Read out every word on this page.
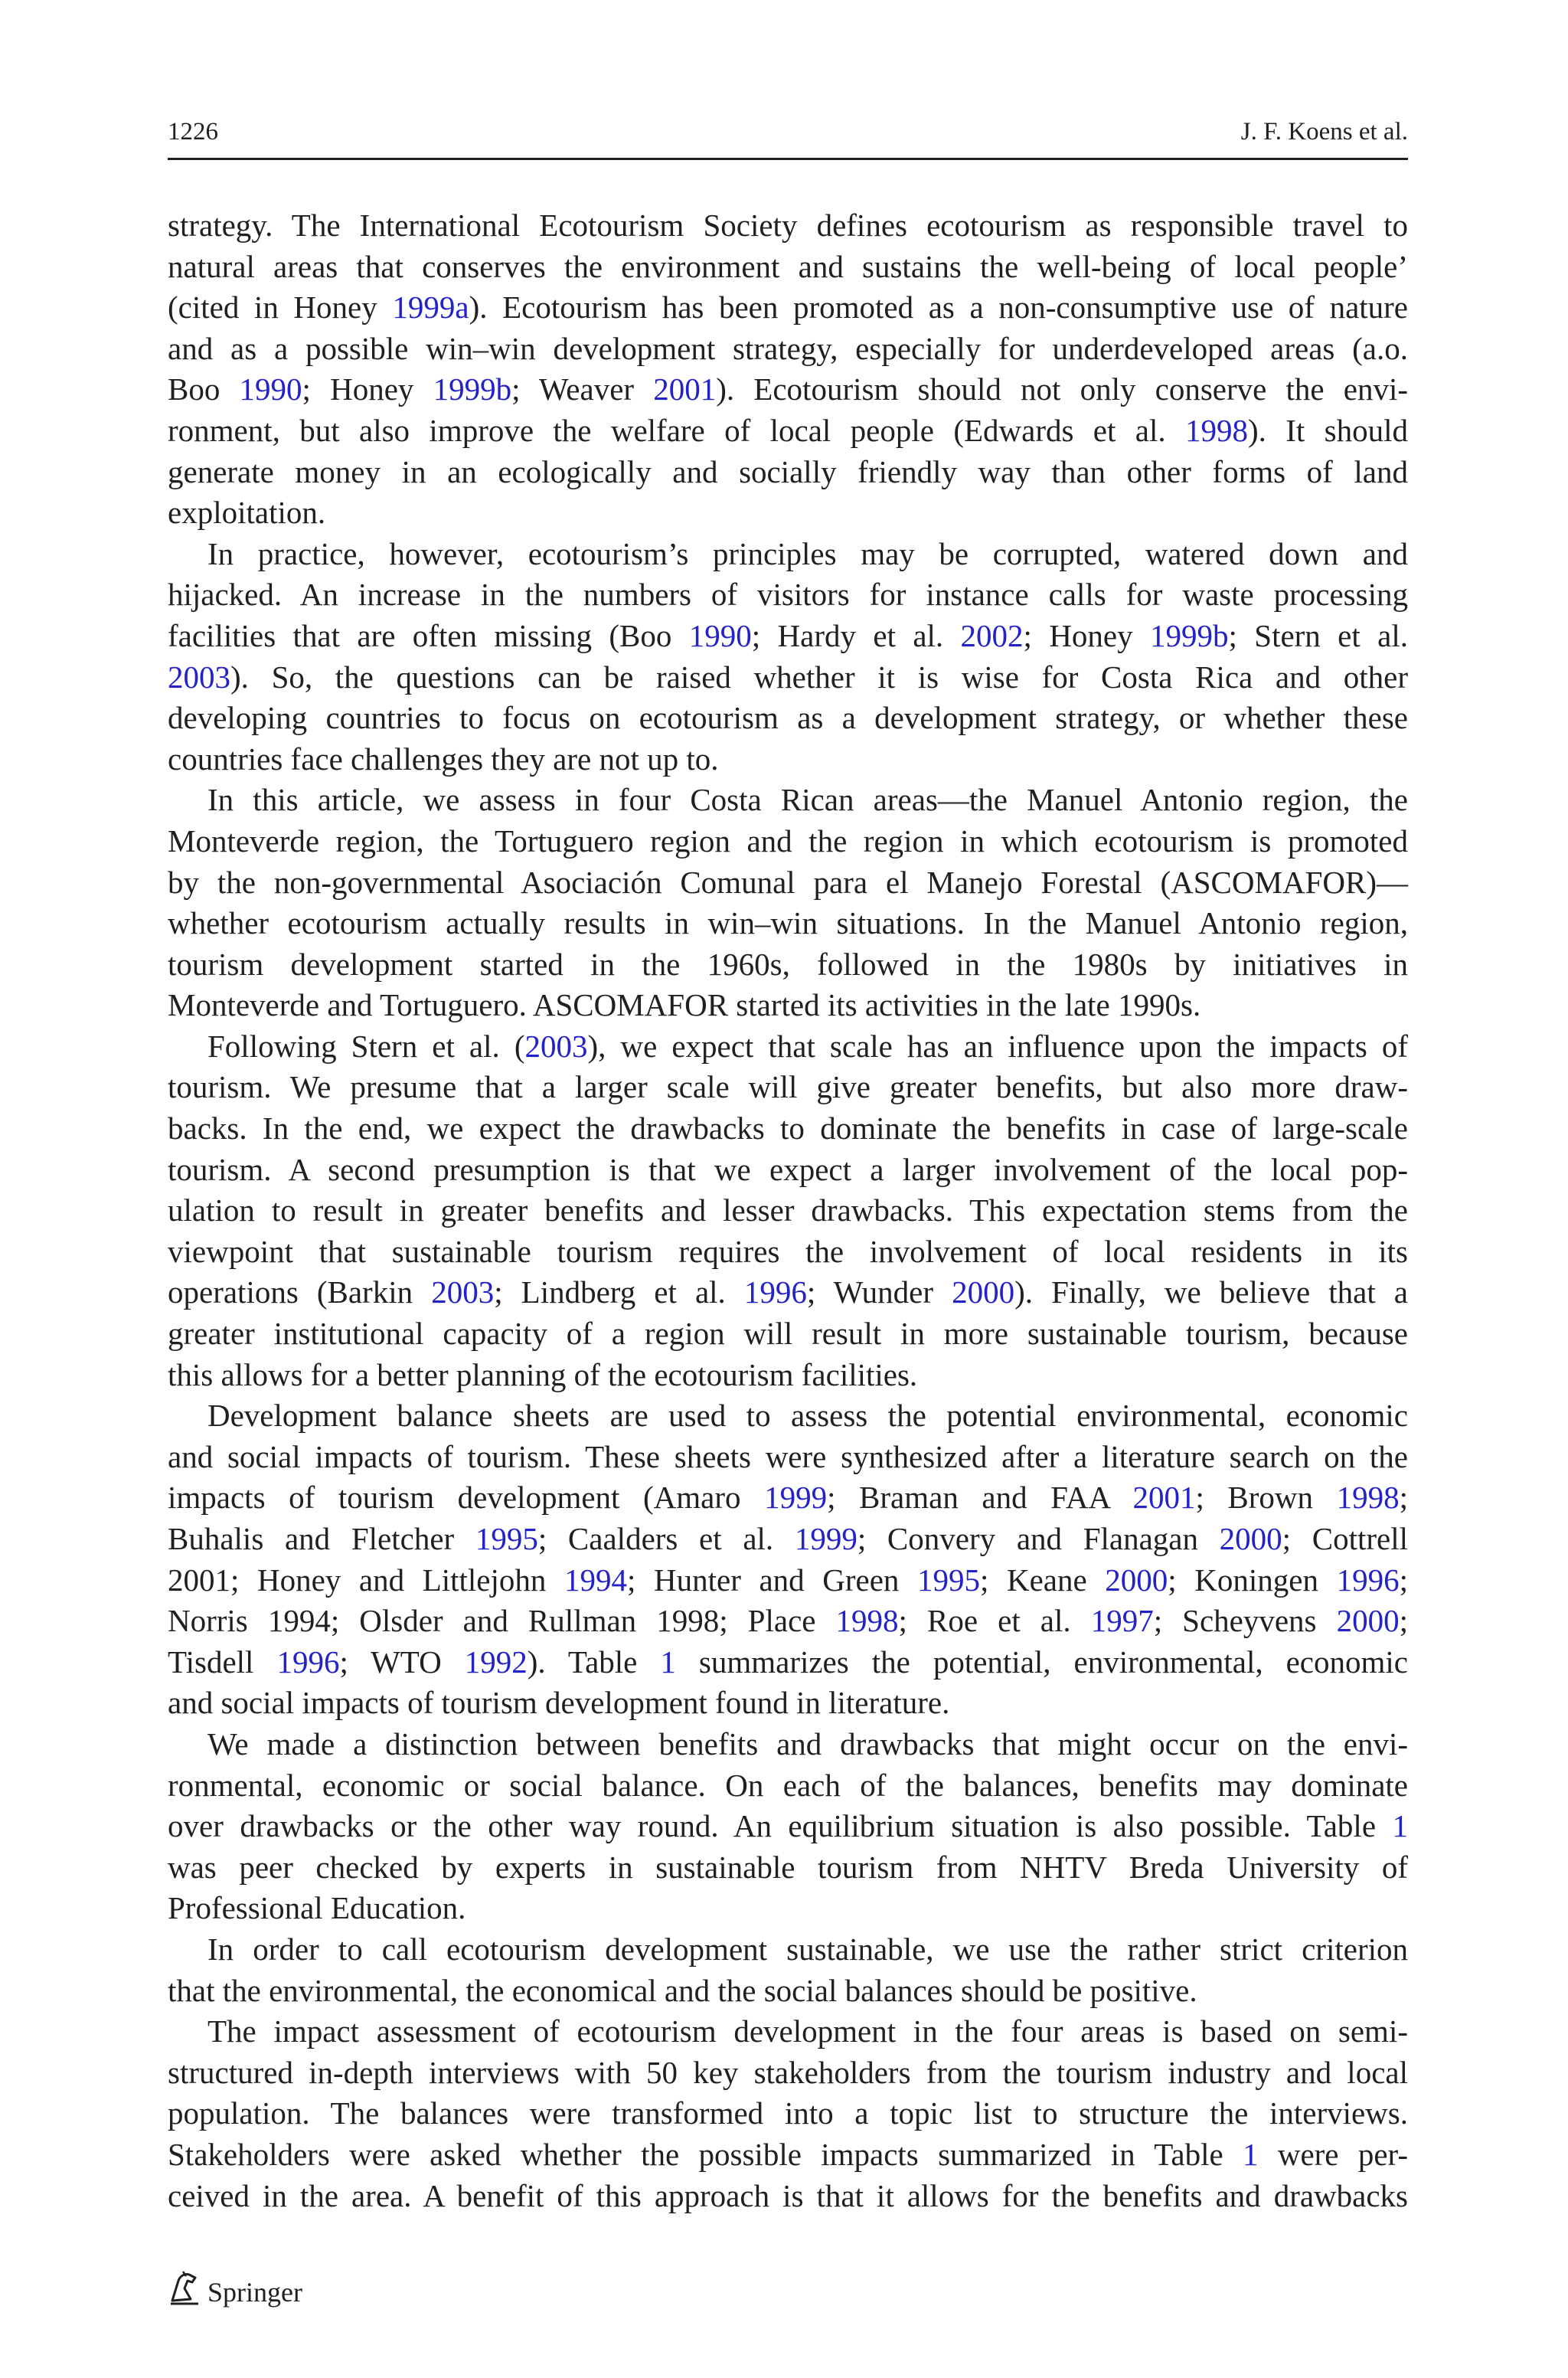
1226	J. F. Koens et al.
strategy. The International Ecotourism Society defines ecotourism as responsible travel to
natural areas that conserves the environment and sustains the well-being of local people’
(cited in Honey 1999a). Ecotourism has been promoted as a non-consumptive use of nature
and as a possible win–win development strategy, especially for underdeveloped areas (a.o.
Boo 1990; Honey 1999b; Weaver 2001). Ecotourism should not only conserve the envi-
ronment, but also improve the welfare of local people (Edwards et al. 1998). It should
generate money in an ecologically and socially friendly way than other forms of land
exploitation.
In practice, however, ecotourism’s principles may be corrupted, watered down and
hijacked. An increase in the numbers of visitors for instance calls for waste processing
facilities that are often missing (Boo 1990; Hardy et al. 2002; Honey 1999b; Stern et al.
2003). So, the questions can be raised whether it is wise for Costa Rica and other
developing countries to focus on ecotourism as a development strategy, or whether these
countries face challenges they are not up to.
In this article, we assess in four Costa Rican areas—the Manuel Antonio region, the
Monteverde region, the Tortuguero region and the region in which ecotourism is promoted
by the non-governmental Asociación Comunal para el Manejo Forestal (ASCOMAFOR)—
whether ecotourism actually results in win–win situations. In the Manuel Antonio region,
tourism development started in the 1960s, followed in the 1980s by initiatives in
Monteverde and Tortuguero. ASCOMAFOR started its activities in the late 1990s.
Following Stern et al. (2003), we expect that scale has an influence upon the impacts of
tourism. We presume that a larger scale will give greater benefits, but also more draw-
backs. In the end, we expect the drawbacks to dominate the benefits in case of large-scale
tourism. A second presumption is that we expect a larger involvement of the local pop-
ulation to result in greater benefits and lesser drawbacks. This expectation stems from the
viewpoint that sustainable tourism requires the involvement of local residents in its
operations (Barkin 2003; Lindberg et al. 1996; Wunder 2000). Finally, we believe that a
greater institutional capacity of a region will result in more sustainable tourism, because
this allows for a better planning of the ecotourism facilities.
Development balance sheets are used to assess the potential environmental, economic
and social impacts of tourism. These sheets were synthesized after a literature search on the
impacts of tourism development (Amaro 1999; Braman and FAA 2001; Brown 1998;
Buhalis and Fletcher 1995; Caalders et al. 1999; Convery and Flanagan 2000; Cottrell
2001; Honey and Littlejohn 1994; Hunter and Green 1995; Keane 2000; Koningen 1996;
Norris 1994; Olsder and Rullman 1998; Place 1998; Roe et al. 1997; Scheyvens 2000;
Tisdell 1996; WTO 1992). Table 1 summarizes the potential, environmental, economic
and social impacts of tourism development found in literature.
We made a distinction between benefits and drawbacks that might occur on the envi-
ronmental, economic or social balance. On each of the balances, benefits may dominate
over drawbacks or the other way round. An equilibrium situation is also possible. Table 1
was peer checked by experts in sustainable tourism from NHTV Breda University of
Professional Education.
In order to call ecotourism development sustainable, we use the rather strict criterion
that the environmental, the economical and the social balances should be positive.
The impact assessment of ecotourism development in the four areas is based on semi-
structured in-depth interviews with 50 key stakeholders from the tourism industry and local
population. The balances were transformed into a topic list to structure the interviews.
Stakeholders were asked whether the possible impacts summarized in Table 1 were per-
ceived in the area. A benefit of this approach is that it allows for the benefits and drawbacks
Springer
